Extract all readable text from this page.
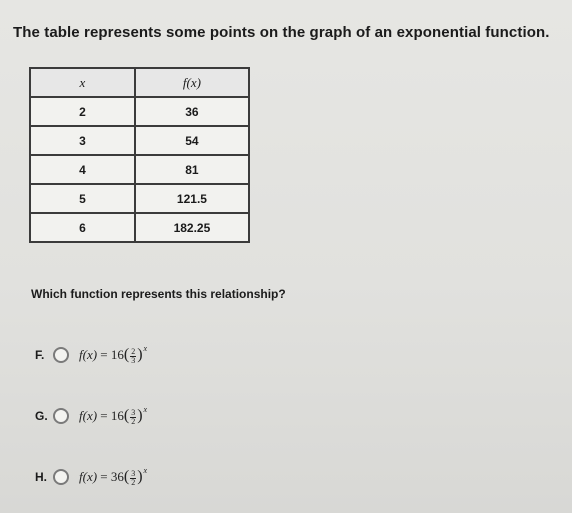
The table represents some points on the graph of an exponential function.
x	f(x)
2	36
3	54
4	81
5	121.5
6	182.25
Which function represents this relationship?
F.	f(x)
=
16 ( $\frac{2}{3}$ ) x
G. f(x)
=
16 ( $\frac{3}{2}$ ) x
H. f(x)
=
36 ( $\frac{3}{2}$ ) x
